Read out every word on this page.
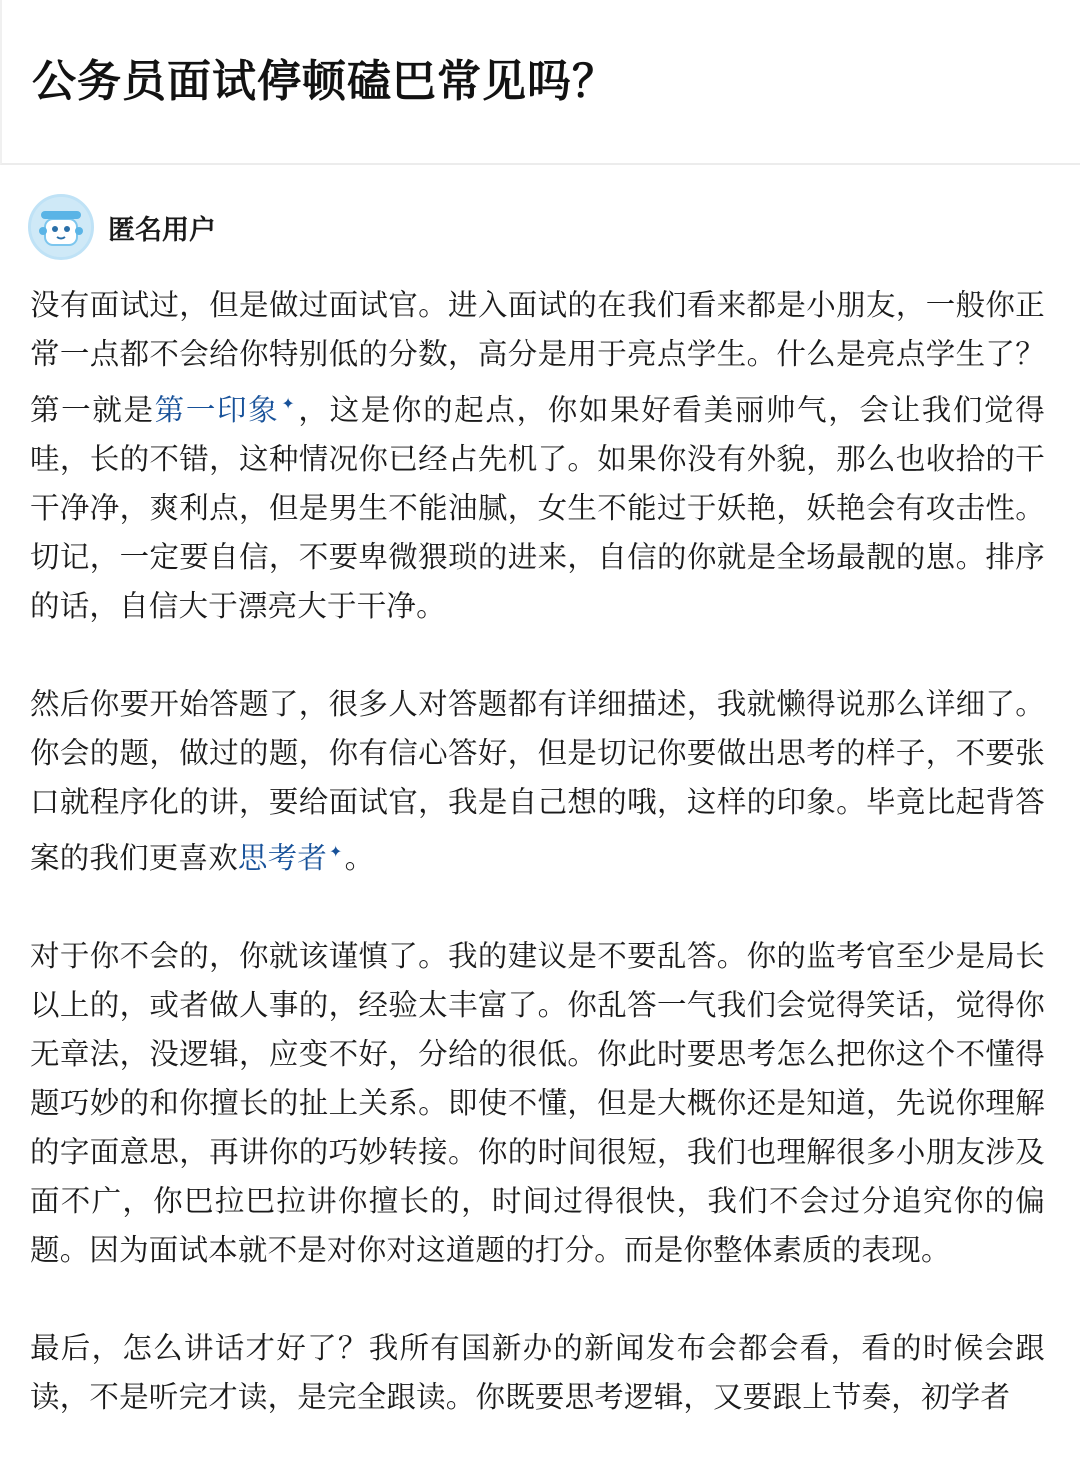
公务员面试停顿磕巴常见吗？
匿名用户

没有面试过，但是做过面试官。进入面试的在我们看来都是小朋友，一般你正常一点都不会给你特别低的分数，高分是用于亮点学生。什么是亮点学生了？第一就是第一印象 ✦，这是你的起点，你如果好看美丽帅气，会让我们觉得哇，长的不错，这种情况你已经占先机了。如果你没有外貌，那么也收拾的干干净净，爽利点，但是男生不能油腻，女生不能过于妖艳，妖艳会有攻击性。切记，一定要自信，不要卑微猥琐的进来，自信的你就是全场最靓的崽。排序的话，自信大于漂亮大于干净。

然后你要开始答题了，很多人对答题都有详细描述，我就懒得说那么详细了。你会的题，做过的题，你有信心答好，但是切记你要做出思考的样子，不要张口就程序化的讲，要给面试官，我是自己想的哦，这样的印象。毕竟比起背答案的我们更喜欢思考者 ✦。

对于你不会的，你就该谨慎了。我的建议是不要乱答。你的监考官至少是局长以上的，或者做人事的，经验太丰富了。你乱答一气我们会觉得笑话，觉得你无章法，没逻辑，应变不好，分给的很低。你此时要思考怎么把你这个不懂得题巧妙的和你擅长的扯上关系。即使不懂，但是大概你还是知道，先说你理解的字面意思，再讲你的巧妙转接。你的时间很短，我们也理解很多小朋友涉及面不广，你巴拉巴拉讲你擅长的，时间过得很快，我们不会过分追究你的偏题。因为面试本就不是对你对这道题的打分。而是你整体素质的表现。

最后，怎么讲话才好了？我所有国新办的新闻发布会都会看，看的时候会跟读，不是听完才读，是完全跟读。你既要思考逻辑，又要跟上节奏，初学者
